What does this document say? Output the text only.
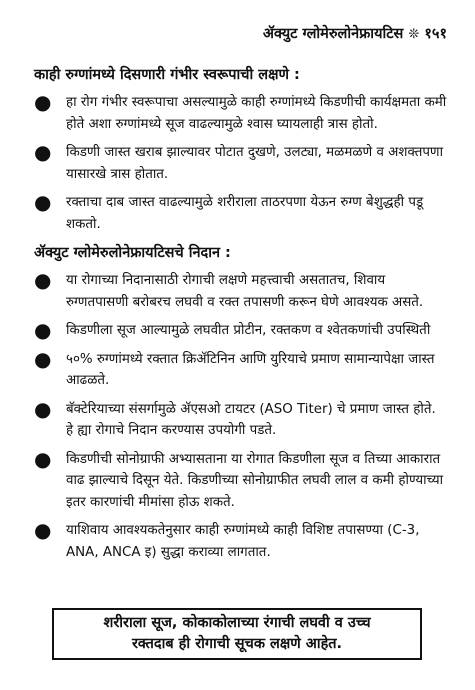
ॲक्युट ग्लोमेरुलोनेफ्रायटिस ❊ १५१

काही रुग्णांमध्ये दिसणारी गंभीर स्वरूपाची लक्षणे :

● हा रोग गंभीर स्वरूपाचा असल्यामुळे काही रुग्णांमध्ये किडणीची कार्यक्षमता कमी होते अशा रुग्णांमध्ये सूज वाढल्यामुळे श्वास घ्यायलाही त्रास होतो.
● किडणी जास्त खराब झाल्यावर पोटात दुखणे, उलट्या, मळमळणे व अशक्तपणा यासारखे त्रास होतात.
● रक्ताचा दाब जास्त वाढल्यामुळे शरीराला ताठरपणा येऊन रुग्ण बेशुद्धही पडू शकतो.

ॲक्युट ग्लोमेरुलोनेफ्रायटिसचे निदान :

● या रोगाच्या निदानासाठी रोगाची लक्षणे महत्त्वाची असतातच, शिवाय रुग्णतपासणी बरोबरच लघवी व रक्त तपासणी करून घेणे आवश्यक असते.
● किडणीला सूज आल्यामुळे लघवीत प्रोटीन, रक्तकण व श्वेतकणांची उपस्थिती
● ५०% रुग्णांमध्ये रक्तात क्रिॲटिनिन आणि युरियाचे प्रमाण सामान्यापेक्षा जास्त आढळते.
● बॅक्टेरियाच्या संसर्गामुळे ॲएसओ टायटर (ASO Titer) चे प्रमाण जास्त होते. हे ह्या रोगाचे निदान करण्यास उपयोगी पडते.
● किडणीची सोनोग्राफी अभ्यासताना या रोगात किडणीला सूज व तिच्या आकारात वाढ झाल्याचे दिसून येते. किडणीच्या सोनोग्राफीत लघवी लाल व कमी होण्याच्या इतर कारणांची मीमांसा होऊ शकते.
● याशिवाय आवश्यकतेनुसार काही रुग्णांमध्ये काही विशिष्ट तपासण्या (C-3, ANA, ANCA इ) सुद्धा कराव्या लागतात.
शरीराला सूज, कोकाकोलाच्या रंगाची लघवी व उच्च
रक्तदाब ही रोगाची सूचक लक्षणे आहेत.
